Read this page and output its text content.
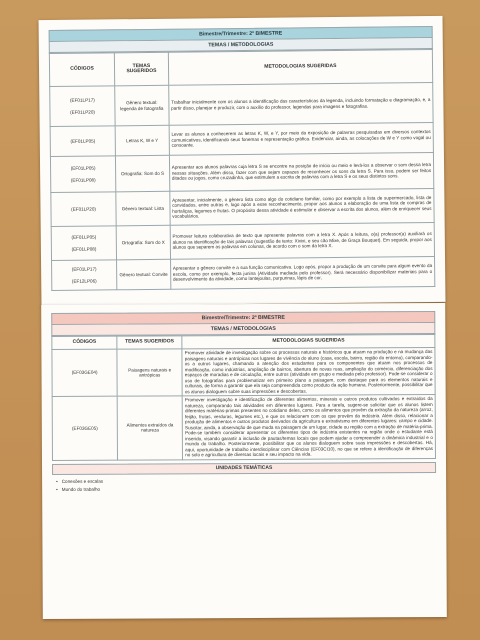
Bimestre/Trimestre: 2º BIMESTRE
TEMAS / METODOLOGIAS
CÓDIGOS	TEMAS SUGERIDOS	METODOLOGIAS SUGERIDAS

(EF01LP17)
(EF01LP20)	Gênero textual: legenda de fotografia	Trabalhar inicialmente com os alunos a identificação das características da legenda, incluindo formatação e diagramação, e, a partir disso, planejar e produzir, com o auxílio do professor, legendas para imagens e fotografias.

(EF01LP05)	Letras K, W e Y	Levar os alunos a conhecerem as letras K, W, e Y, por meio da exposição de palavras pesquisadas em diversos contextos comunicativos, identificando seus fonemas e representação gráfica. Evidenciar, ainda, as colocações de W e Y como vogal ou consoante.

(EF01LP05)
(EF01LP08)	Ortografia: Som do S	Apresentar aos alunos palavras cuja letra S se encontre na posição de início ou meio e levá-los a observar o som dessa letra nessas situações. Além disso, fazer com que sejam capazes de reconhecer os sons da letra S. Para isso, podem ser feitos ditados ou jogos, como cruzadinha, que estimulem a escrita de palavras com a letra S e os seus distintos sons.

(EF01LP20)	Gênero textual: Lista	Apresentar, inicialmente, o gênero lista como algo do cotidiano familiar, como por exemplo a lista de supermercado, lista de convidados, entre outras e, logo após a esse reconhecimento, propor aos alunos a elaboração de uma lista de compras de hortaliças, legumes e frutas. O propósito dessa atividade é estimular e observar a escrita dos alunos, além de enriquecer seus vocabulários.

(EF01LP05)
(EF01LP08)	Ortografia: Som do X	Promover leitura colaborativa de texto que apresente palavras com a letra X. Após a leitura, o(a) professor(a) auxiliará os alunos na identificação de tais palavras (sugestão de texto: Xixixi, e seu cão Mixe, de Graça Bouquet). Em seguida, propor aos alunos que separem as palavras em colunas, de acordo com o som da letra X.

(EF01LP17)
(EF12LP06)	Gênero textual: Convite	Apresentar o gênero convite e a sua função comunicativa. Logo após, propor a produção de um convite para algum evento da escola, como por exemplo, festa junina (Atividade mediada pelo professor). Será necessário disponibilizar materiais para o desenvolvimento da atividade, como lantejoulas, purpurinas, lápis de cor,
Bimestre/Trimestre: 2º BIMESTRE
TEMAS / METODOLOGIAS
CÓDIGOS	TEMAS SUGERIDOS	METODOLOGIAS SUGERIDAS

(EF03GE04)	Paisagens naturais e antrópicas	Promover atividade de investigação sobre os processos naturais e históricos que atuam na produção e na mudança das paisagens naturais e antrópicas nos lugares de vivência do aluno (casa, escola, bairro, região do entorno), comparando-os a outros lugares, chamando a atenção dos estudantes para os componentes que atuam nos processos de modificação, como indústrias, ampliação de bairros, abertura de novas ruas, ampliação do comércio, diferenciação dos espaços de moradias e de circulação, entre outros (atividade em grupo e mediada pelo professor). Pode-se considerar o uso de fotografias para problematizar em primeiro plano a paisagem, com destaque para os elementos naturais e culturais, de forma a garantir que ela seja compreendida como produto da ação humana. Posteriormente, possibilitar que os alunos dialoguem sobre suas impressões e descobertas.

(EF03GE05)	Alimentos extraídos da natureza	Promover investigação e identificação de diferentes alimentos, minerais e outros produtos cultivados e extraídos da natureza, comparando tais atividades em diferentes lugares. Para a tarefa, sugere-se solicitar que os alunos listem diferentes matérias-primas presentes no cotidiano deles, como os alimentos que provêm da extração da natureza (arroz, feijão, frutas, verduras, legumes etc.), e que os relacionem com os que provêm da indústria. Além disso, relacionar a produção de alimentos e outros produtos derivados da agricultura e extrativismo em diferentes lugares: campo e cidade. Suscitar, ainda, a observação de que muda na paisagem de um lugar, cidade ou região com a extração de matéria-prima. Pode-se também considerar apresentar os diferentes tipos de indústria existentes na região onde o estudante está inserido, visando garantir a inclusão de pautas/temas locais que podem ajudar a compreender a dinâmica industrial e o mundo do trabalho. Posteriormente, possibilitar que os alunos dialoguem sobre suas impressões e descobertas. Há, aqui, oportunidade de trabalho interdisciplinar com Ciências (EF03CI10), no que se refere à identificação de diferenças no solo e agricultura de diversas locais e seu impacto na vida.
UNIDADES TEMÁTICAS
• Conexões e escalas
• Mundo do trabalho
